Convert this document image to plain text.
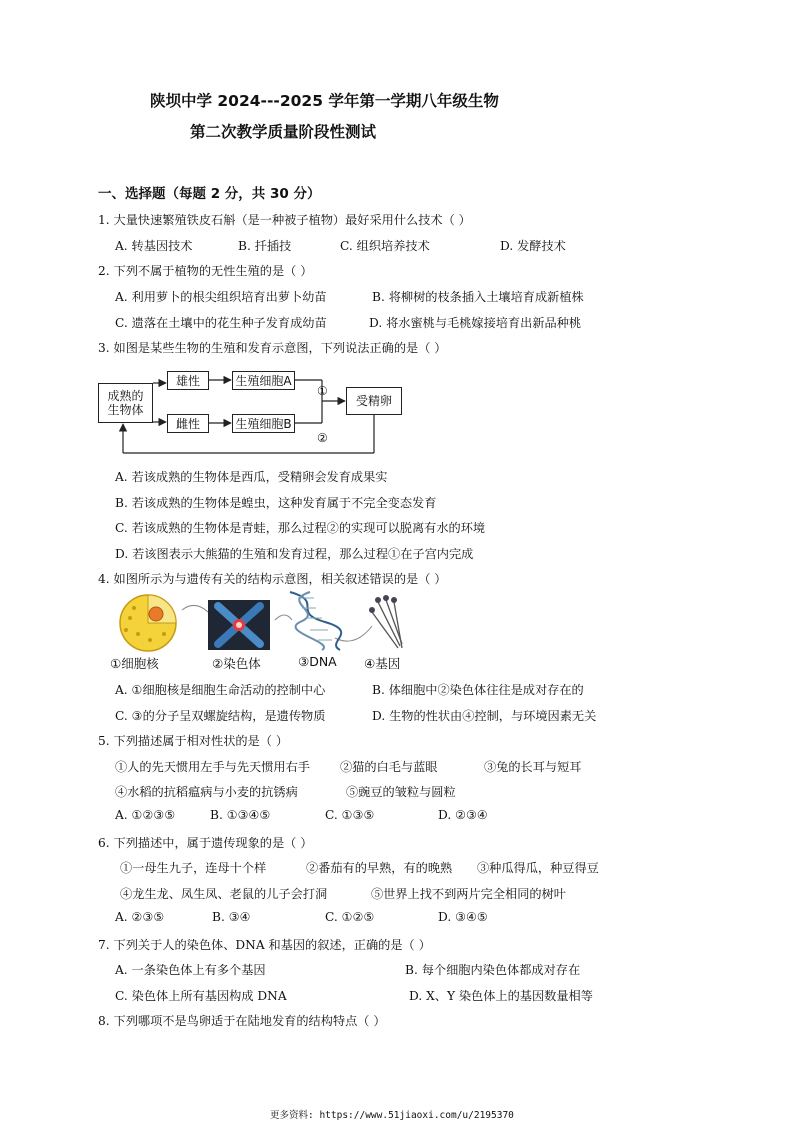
陕坝中学 2024---2025 学年第一学期八年级生物
第二次教学质量阶段性测试
一、选择题（每题 2 分，共 30 分）
1. 大量快速繁殖铁皮石斛（是一种被子植物）最好采用什么技术（ ）
A. 转基因技术	B. 扦插技	C. 组织培养技术	D. 发酵技术
2. 下列不属于植物的无性生殖的是（ ）
A. 利用萝卜的根尖组织培育出萝卜幼苗	B. 将柳树的枝条插入土壤培育成新植株
C. 遗落在土壤中的花生种子发育成幼苗	D. 将水蜜桃与毛桃嫁接培育出新品种桃
3. 如图是某些生物的生殖和发育示意图，下列说法正确的是（ ）
成熟的
生物体
雄性
雌性
生殖细胞A
生殖细胞B
受精卵
①
②
A. 若该成熟的生物体是西瓜，受精卵会发育成果实
B. 若该成熟的生物体是蝗虫，这种发育属于不完全变态发育
C. 若该成熟的生物体是青蛙，那么过程②的实现可以脱离有水的环境
D. 若该图表示大熊猫的生殖和发育过程，那么过程①在子宫内完成
4. 如图所示为与遗传有关的结构示意图，相关叙述错误的是（ ）
①细胞核	②染色体	③DNA ④基因
A. ①细胞核是细胞生命活动的控制中心	B. 体细胞中②染色体往往是成对存在的
C. ③的分子呈双螺旋结构，是遗传物质	D. 生物的性状由④控制，与环境因素无关
5. 下列描述属于相对性状的是（ ）
①人的先天惯用左手与先天惯用右手 ②猫的白毛与蓝眼	③兔的长耳与短耳
④水稻的抗稻瘟病与小麦的抗锈病	⑤豌豆的皱粒与圆粒
A. ①②③⑤	B. ①③④⑤	C. ①③⑤	D. ②③④
6. 下列描述中，属于遗传现象的是（ ）
①一母生九子，连母十个样	②番茄有的早熟，有的晚熟 ③种瓜得瓜，种豆得豆
④龙生龙、凤生凤、老鼠的儿子会打洞	⑤世界上找不到两片完全相同的树叶
A. ②③⑤	B. ③④	C. ①②⑤	D. ③④⑤
7. 下列关于人的染色体、DNA 和基因的叙述，正确的是（ ）
A. 一条染色体上有多个基因	B. 每个细胞内染色体都成对存在
C. 染色体上所有基因构成 DNA	D. X、Y 染色体上的基因数量相等
8. 下列哪项不是鸟卵适于在陆地发育的结构特点（ ）
更多资料: https://www.51jiaoxi.com/u/2195370
